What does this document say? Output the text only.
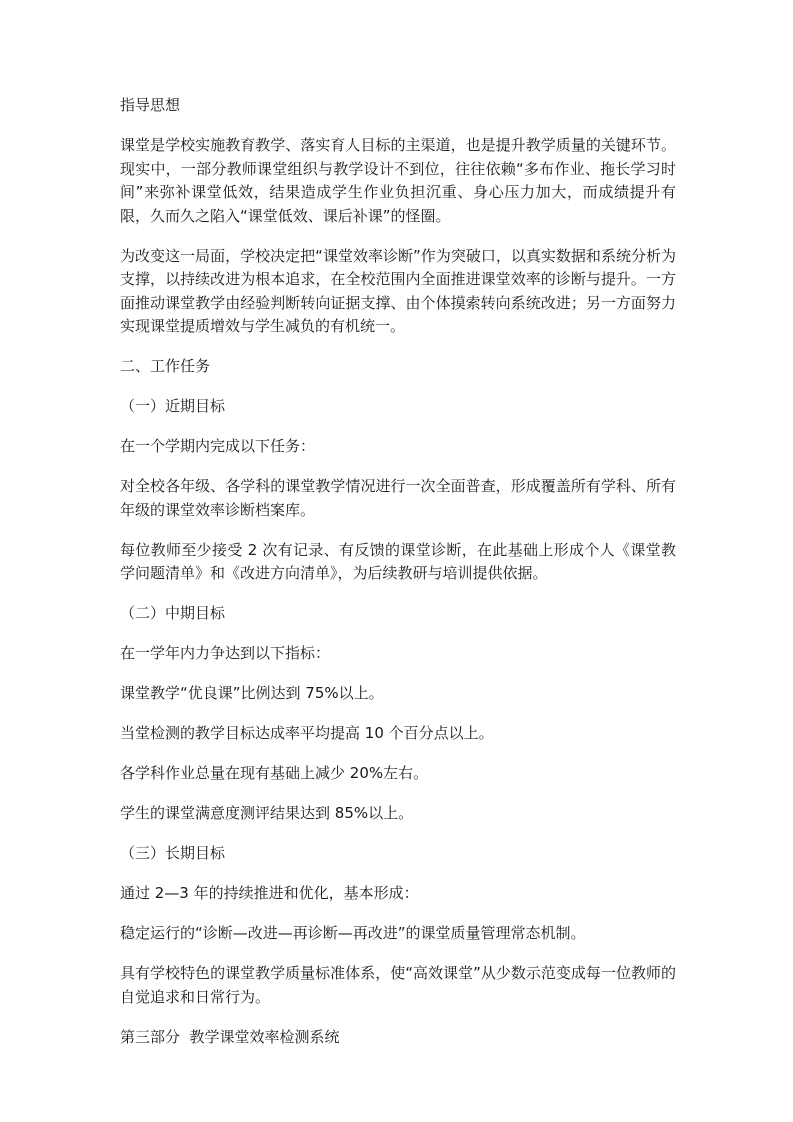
指导思想

课堂是学校实施教育教学、落实育人目标的主渠道，也是提升教学质量的关键环节。现实中，一部分教师课堂组织与教学设计不到位，往往依赖“多布作业、拖长学习时间”来弥补课堂低效，结果造成学生作业负担沉重、身心压力加大，而成绩提升有限，久而久之陷入“课堂低效、课后补课”的怪圈。

为改变这一局面，学校决定把“课堂效率诊断”作为突破口，以真实数据和系统分析为支撑，以持续改进为根本追求，在全校范围内全面推进课堂效率的诊断与提升。一方面推动课堂教学由经验判断转向证据支撑、由个体摸索转向系统改进；另一方面努力实现课堂提质增效与学生减负的有机统一。

二、工作任务

（一）近期目标

在一个学期内完成以下任务：

对全校各年级、各学科的课堂教学情况进行一次全面普查，形成覆盖所有学科、所有年级的课堂效率诊断档案库。

每位教师至少接受 2 次有记录、有反馈的课堂诊断，在此基础上形成个人《课堂教学问题清单》和《改进方向清单》，为后续教研与培训提供依据。

（二）中期目标

在一学年内力争达到以下指标：

课堂教学“优良课”比例达到 75%以上。

当堂检测的教学目标达成率平均提高 10 个百分点以上。

各学科作业总量在现有基础上减少 20%左右。

学生的课堂满意度测评结果达到 85%以上。

（三）长期目标

通过 2—3 年的持续推进和优化，基本形成：

稳定运行的“诊断—改进—再诊断—再改进”的课堂质量管理常态机制。

具有学校特色的课堂教学质量标准体系，使“高效课堂”从少数示范变成每一位教师的自觉追求和日常行为。

第三部分  教学课堂效率检测系统
